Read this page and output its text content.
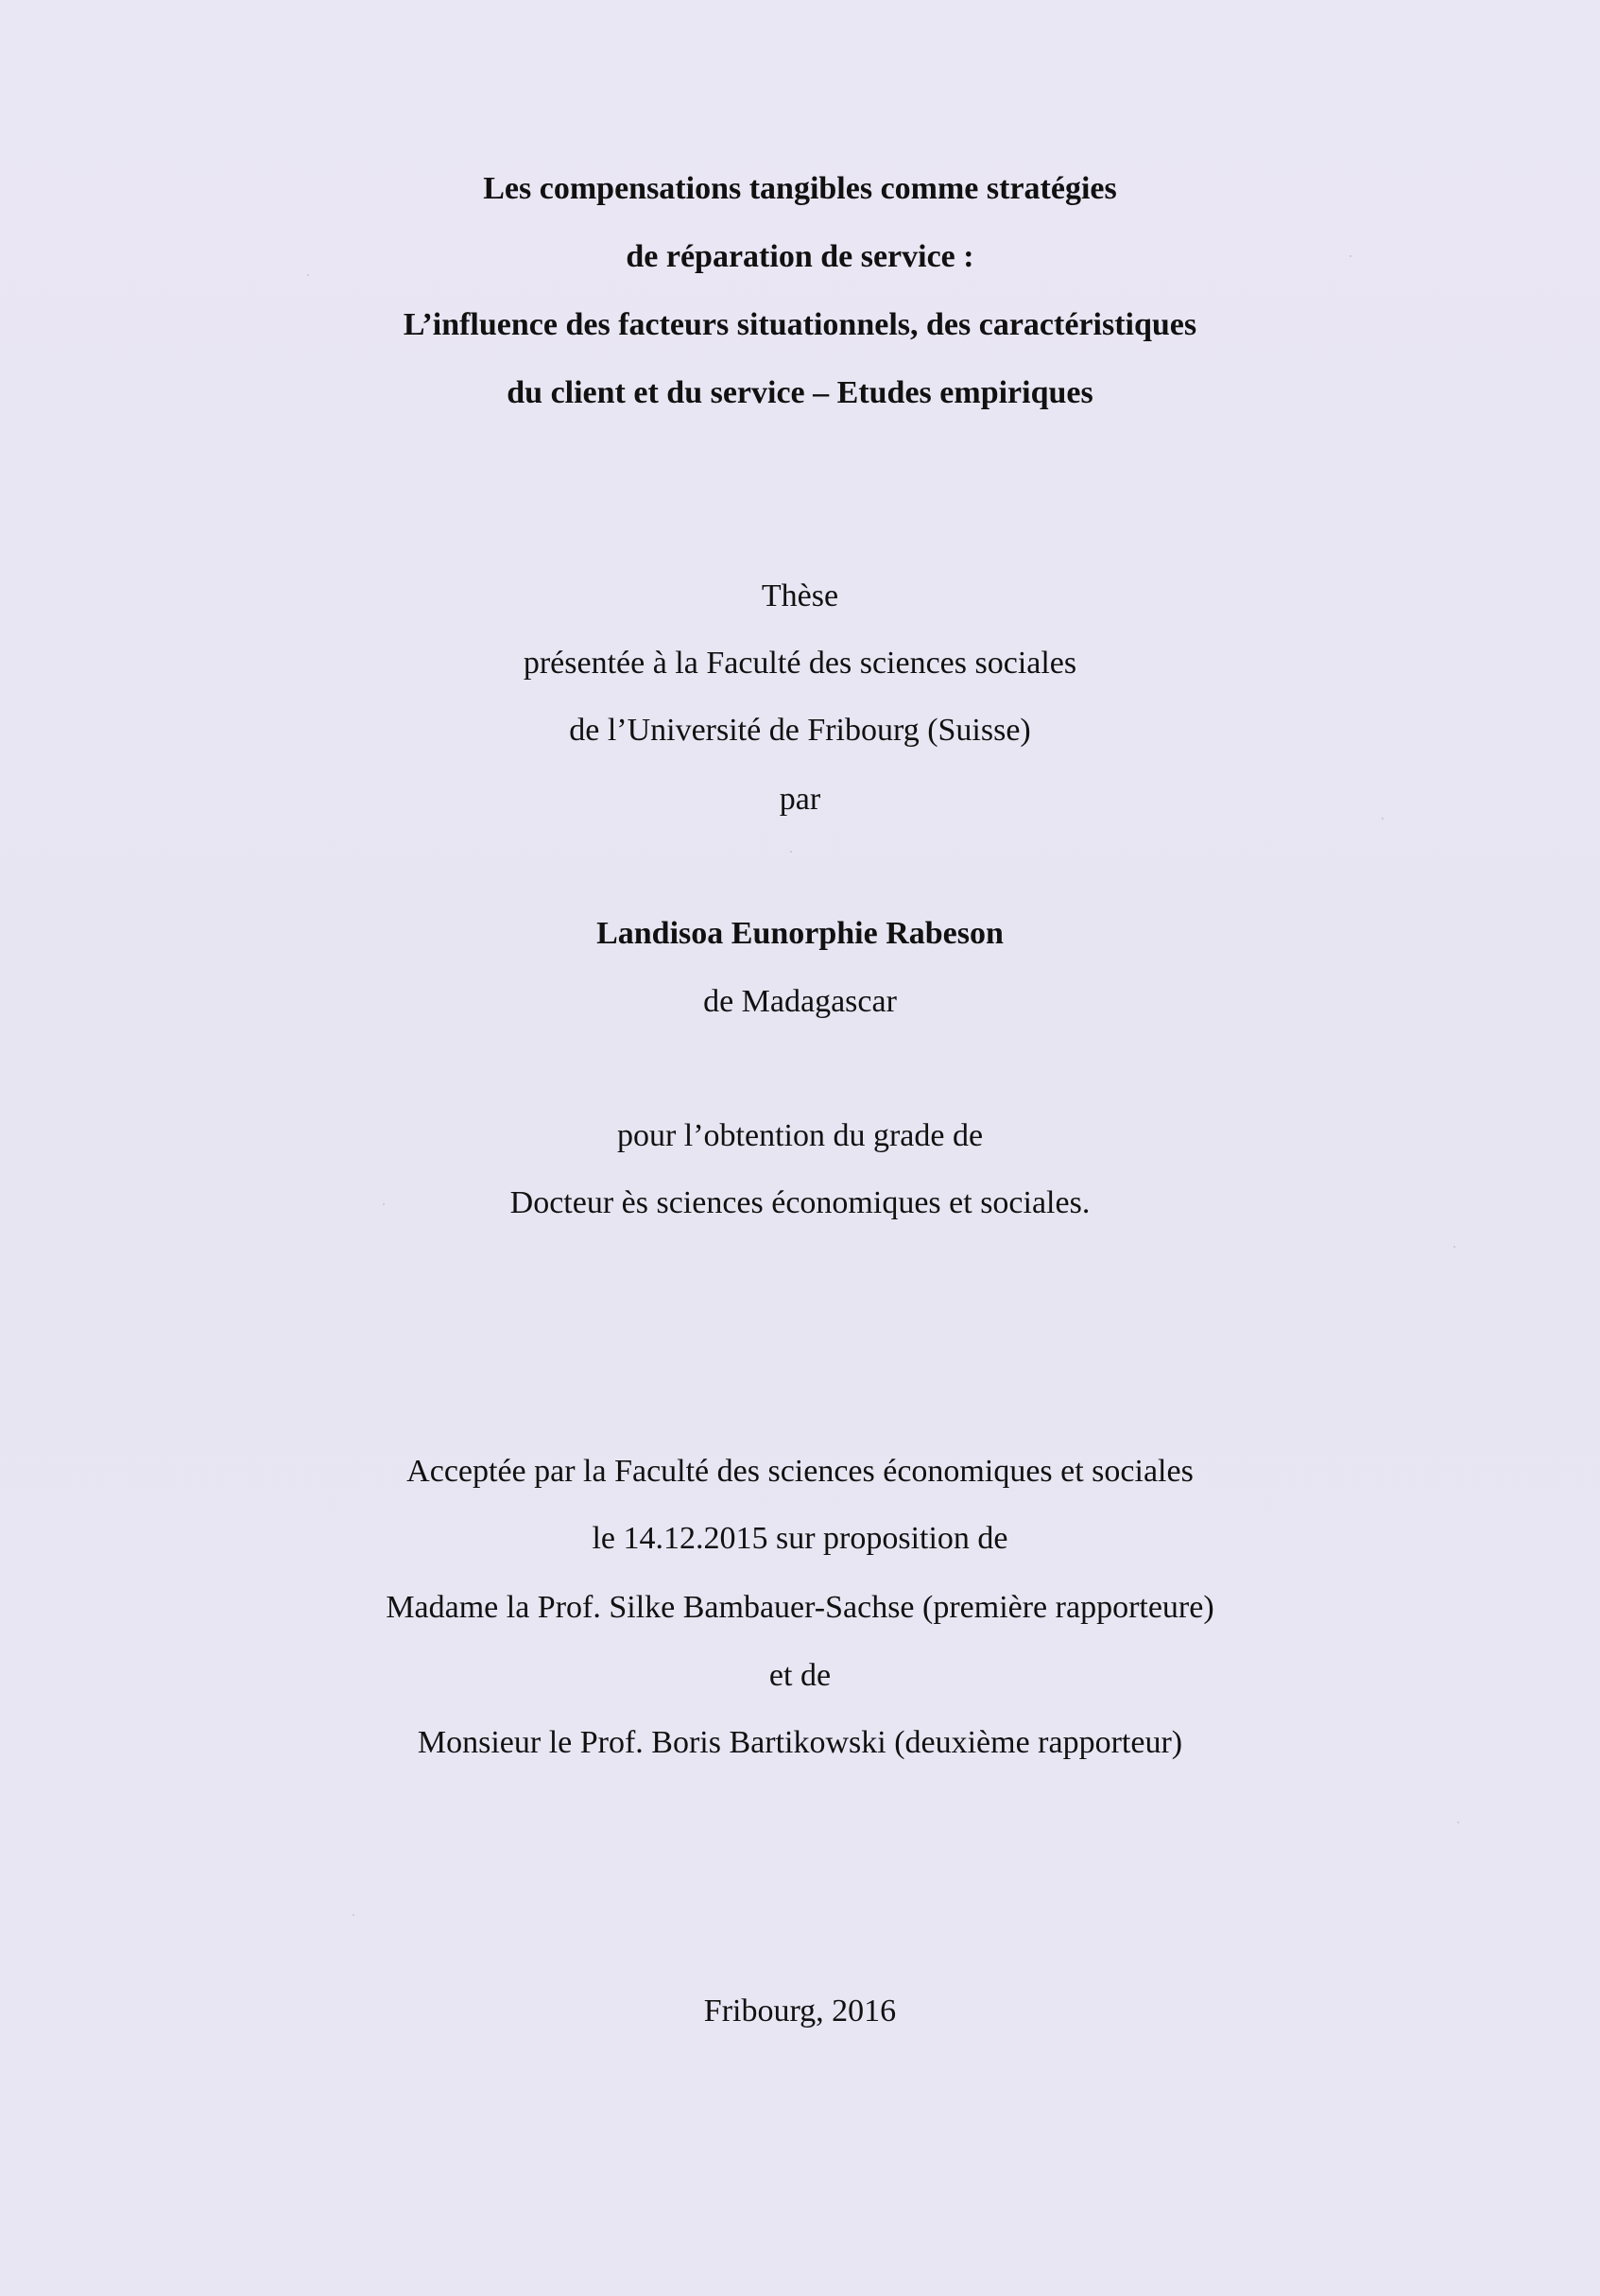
Les compensations tangibles comme stratégies
de réparation de service :
L’influence des facteurs situationnels, des caractéristiques
du client et du service – Etudes empiriques
Thèse
présentée à la Faculté des sciences sociales
de l’Université de Fribourg (Suisse)
par
Landisoa Eunorphie Rabeson
de Madagascar
pour l’obtention du grade de
Docteur ès sciences économiques et sociales.
Acceptée par la Faculté des sciences économiques et sociales
le 14.12.2015 sur proposition de
Madame la Prof. Silke Bambauer-Sachse (première rapporteure)
et de
Monsieur le Prof. Boris Bartikowski (deuxième rapporteur)
Fribourg, 2016
